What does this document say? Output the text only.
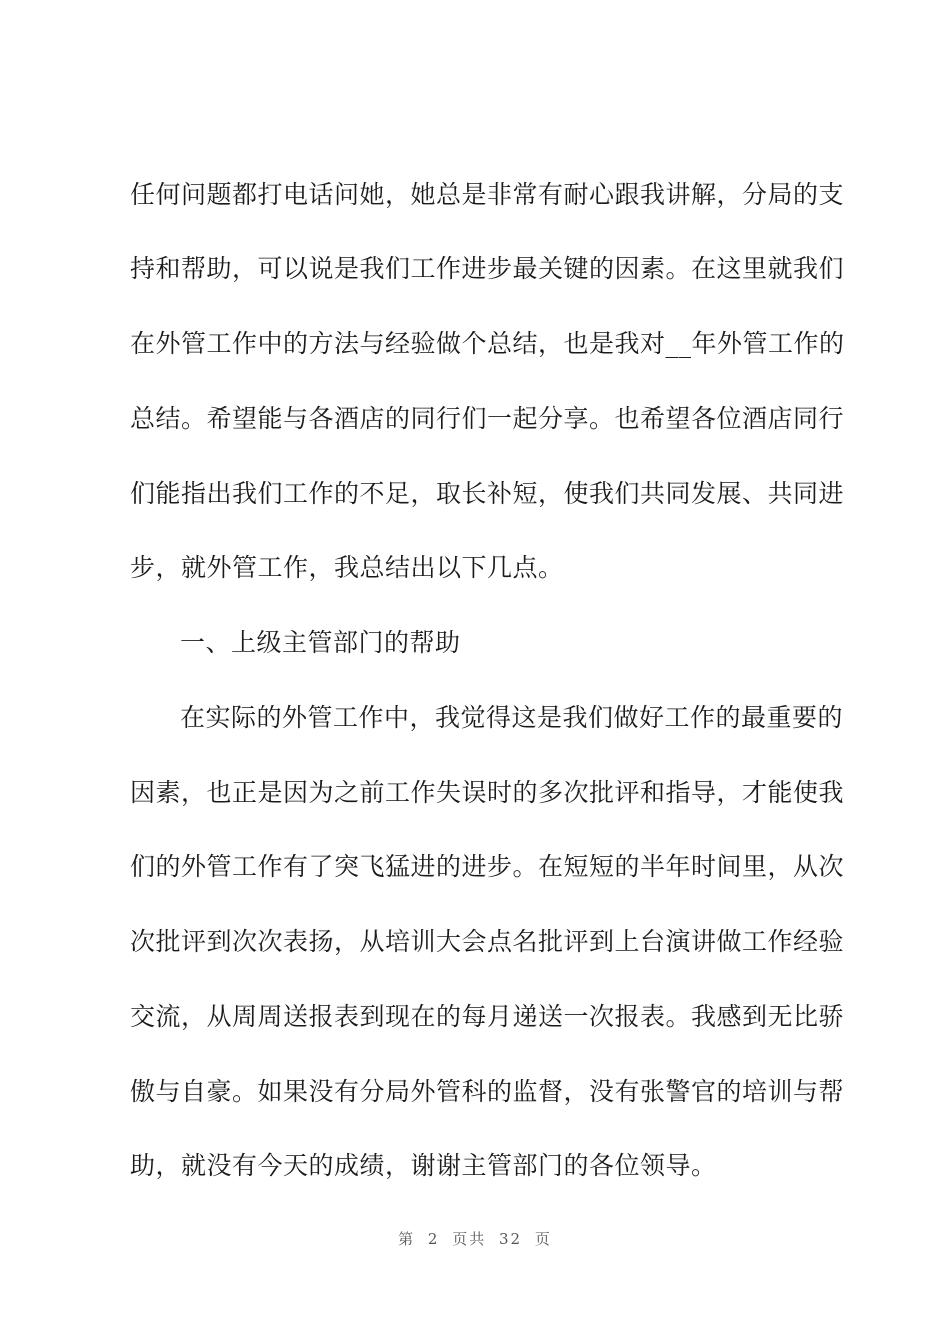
任何问题都打电话问她，她总是非常有耐心跟我讲解，分局的支
持和帮助，可以说是我们工作进步最关键的因素。在这里就我们
在外管工作中的方法与经验做个总结，也是我对__年外管工作的
总结。希望能与各酒店的同行们一起分享。也希望各位酒店同行
们能指出我们工作的不足，取长补短，使我们共同发展、共同进
步，就外管工作，我总结出以下几点。
一、上级主管部门的帮助
在实际的外管工作中，我觉得这是我们做好工作的最重要的
因素，也正是因为之前工作失误时的多次批评和指导，才能使我
们的外管工作有了突飞猛进的进步。在短短的半年时间里，从次
次批评到次次表扬，从培训大会点名批评到上台演讲做工作经验
交流，从周周送报表到现在的每月递送一次报表。我感到无比骄
傲与自豪。如果没有分局外管科的监督，没有张警官的培训与帮
助，就没有今天的成绩，谢谢主管部门的各位领导。
第 2 页共 32 页
